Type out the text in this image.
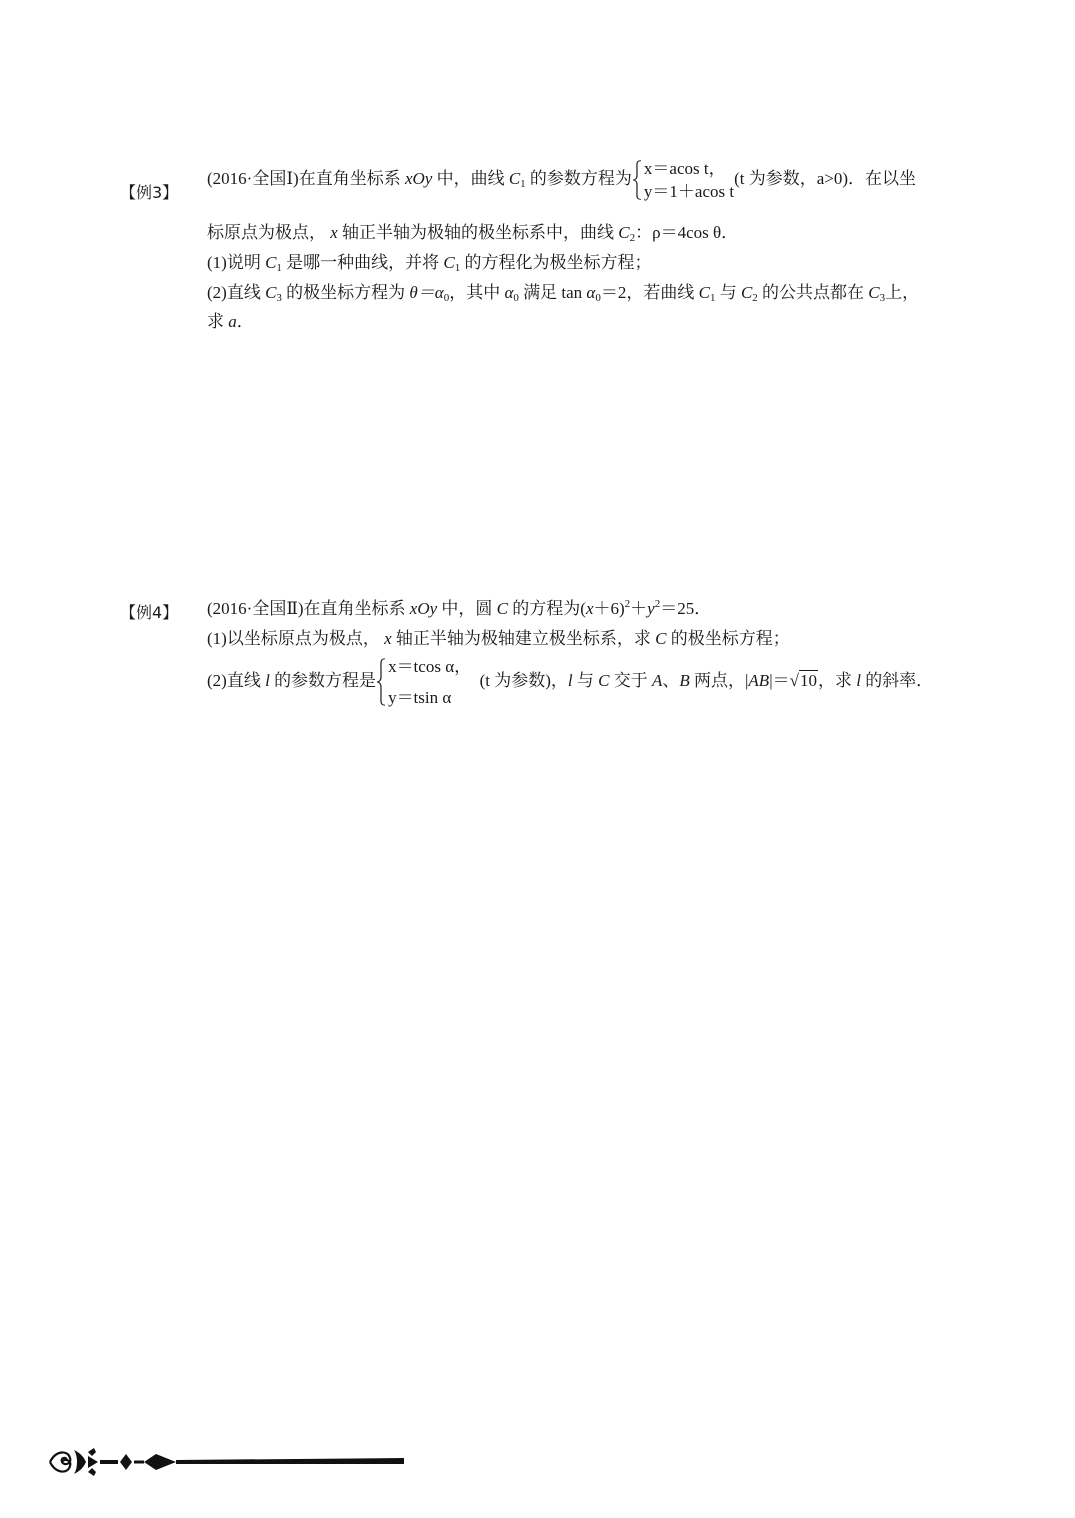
【例3】
(2016·全国Ⅰ)在直角坐标系 xOy 中，曲线 $C_1$ 的参数方程为
x＝acos t，
y＝1＋acos t
(t 为参数，a>0)．在以坐
标原点为极点， x 轴正半轴为极轴的极坐标系中，曲线 $C_2$：ρ＝4cos θ．
(1)说明 $C_1$ 是哪一种曲线，并将 $C_1$ 的方程化为极坐标方程；
(2)直线 $C_3$ 的极坐标方程为 $\theta=\alpha_0$，其中 $\alpha_0$ 满足 $\tan \alpha_0=2$，若曲线 $C_1$ 与 $C_2$ 的公共点都在 $C_3$上，
求 a．
【例4】 (2016·全国Ⅱ)在直角坐标系 xOy 中，圆 C 的方程为$(x+6)^2+y^2=25$．
(1)以坐标原点为极点， x 轴正半轴为极轴建立极坐标系，求 C 的极坐标方程；
(2)直线 l 的参数方程是
x＝tcos α，
y＝tsin α
(t 为参数)，l 与 C 交于 A、B 两点，|AB|＝√10，求 l 的斜率．
